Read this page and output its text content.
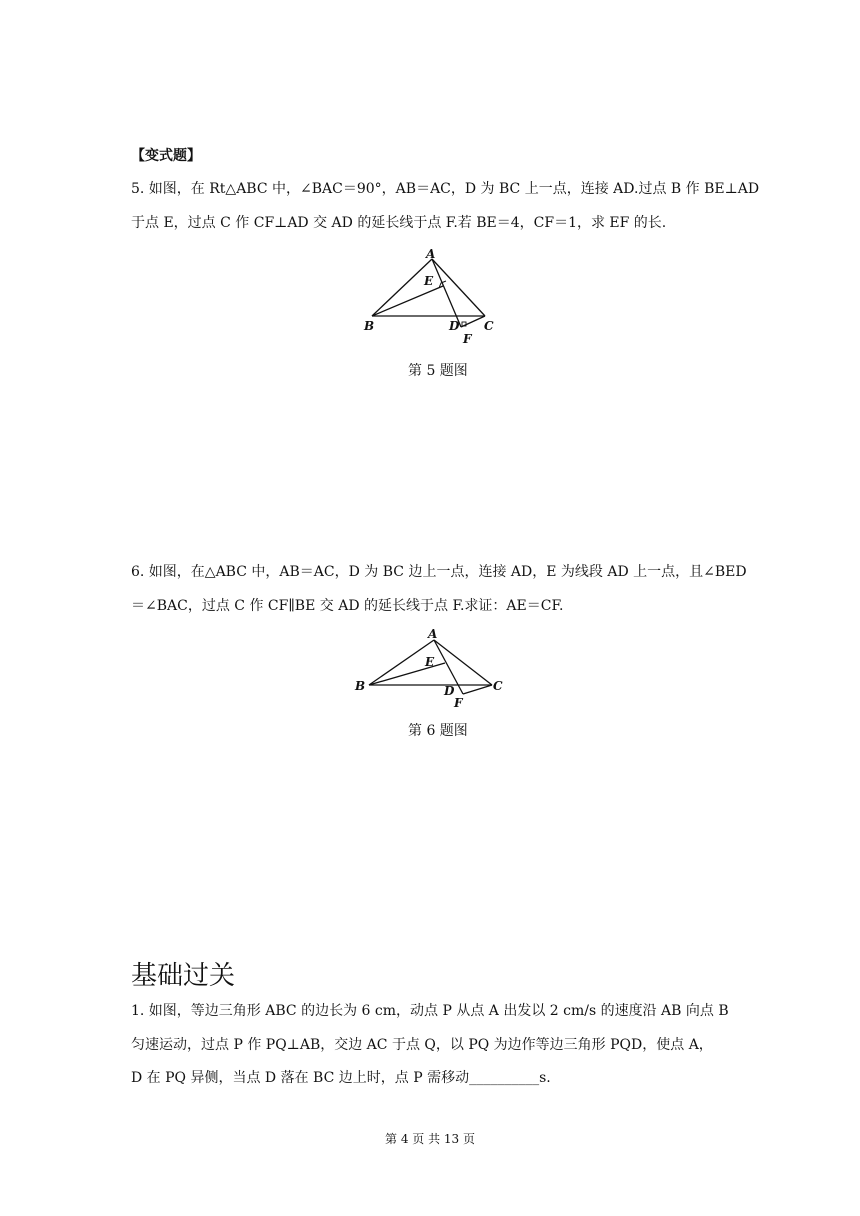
【变式题】
5. 如图，在 Rt△ABC 中，∠BAC＝90°，AB＝AC，D 为 BC 上一点，连接 AD.过点 B 作 BE⊥AD
于点 E，过点 C 作 CF⊥AD 交 AD 的延长线于点 F.若 BE＝4，CF＝1，求 EF 的长.
A
E
B	D C
F
第 5 题图
6. 如图，在△ABC 中，AB＝AC，D 为 BC 边上一点，连接 AD，E 为线段 AD 上一点，且∠BED
＝∠BAC，过点 C 作 CF∥BE 交 AD 的延长线于点 F.求证：AE＝CF.
A
E
B	D	C
F
第 6 题图
基础过关
1. 如图，等边三角形 ABC 的边长为 6 cm，动点 P 从点 A 出发以 2 cm/s 的速度沿 AB 向点 B
匀速运动，过点 P 作 PQ⊥AB，交边 AC 于点 Q，以 PQ 为边作等边三角形 PQD，使点 A，
D 在 PQ 异侧，当点 D 落在 BC 边上时，点 P 需移动__________s.
第 4 页 共 13 页
